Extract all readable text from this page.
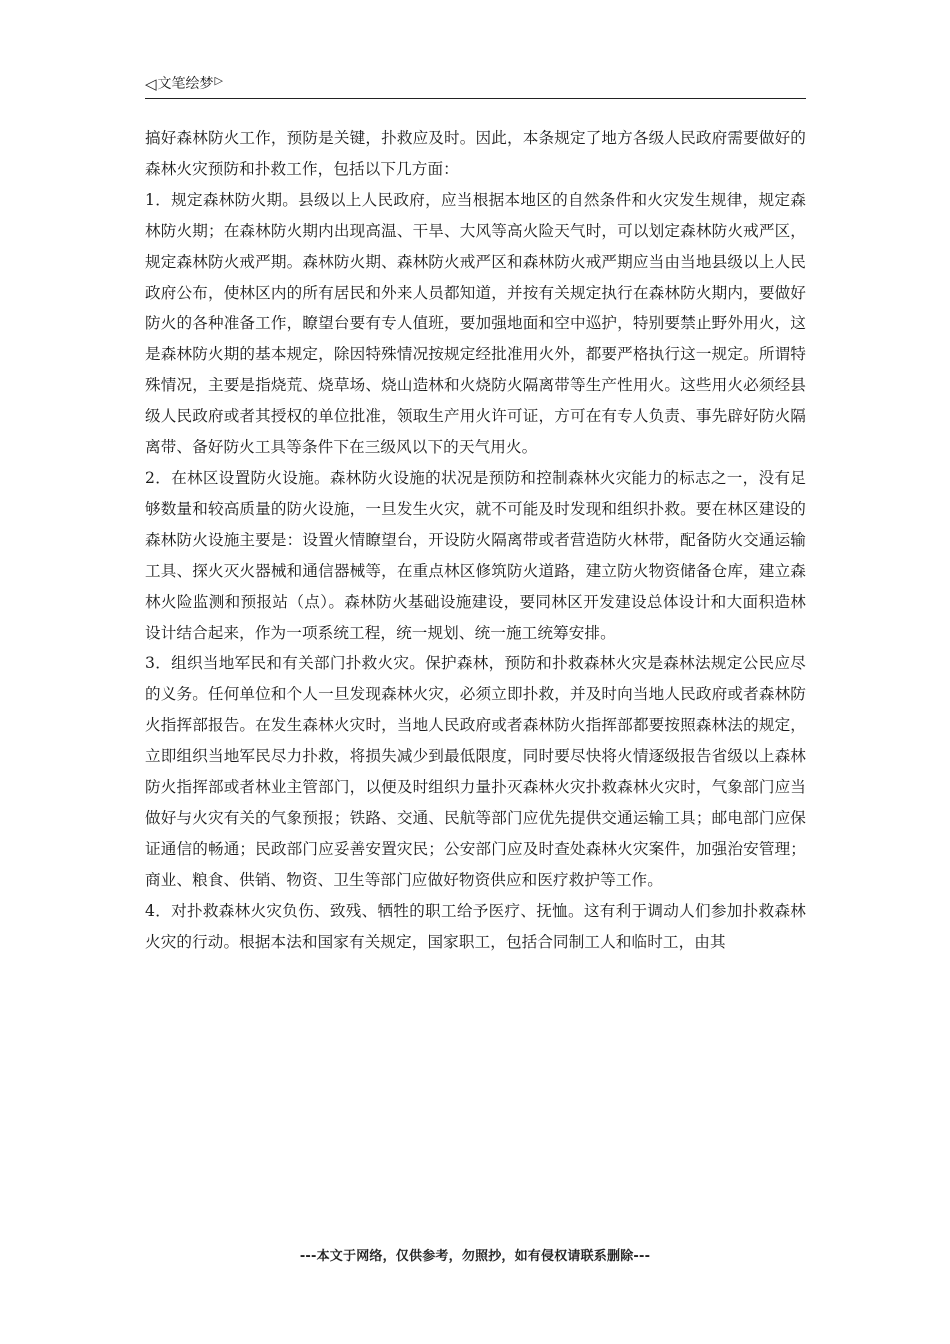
◁ 文笔绘梦 ▷

搞好森林防火工作，预防是关键，扑救应及时。因此，本条规定了地方各级人民政府需要做好的森林火灾预防和扑救工作，包括以下几方面：

1．规定森林防火期。县级以上人民政府，应当根据本地区的自然条件和火灾发生规律，规定森林防火期；在森林防火期内出现高温、干旱、大风等高火险天气时，可以划定森林防火戒严区，规定森林防火戒严期。森林防火期、森林防火戒严区和森林防火戒严期应当由当地县级以上人民政府公布，使林区内的所有居民和外来人员都知道，并按有关规定执行在森林防火期内，要做好防火的各种准备工作，瞭望台要有专人值班，要加强地面和空中巡护，特别要禁止野外用火，这是森林防火期的基本规定，除因特殊情况按规定经批准用火外，都要严格执行这一规定。所谓特殊情况，主要是指烧荒、烧草场、烧山造林和火烧防火隔离带等生产性用火。这些用火必须经县级人民政府或者其授权的单位批准，领取生产用火许可证，方可在有专人负责、事先辟好防火隔离带、备好防火工具等条件下在三级风以下的天气用火。

2．在林区设置防火设施。森林防火设施的状况是预防和控制森林火灾能力的标志之一，没有足够数量和较高质量的防火设施，一旦发生火灾，就不可能及时发现和组织扑救。要在林区建设的森林防火设施主要是：设置火情瞭望台，开设防火隔离带或者营造防火林带，配备防火交通运输工具、探火灭火器械和通信器械等，在重点林区修筑防火道路，建立防火物资储备仓库，建立森林火险监测和预报站（点）。森林防火基础设施建设，要同林区开发建设总体设计和大面积造林设计结合起来，作为一项系统工程，统一规划、统一施工统筹安排。

3．组织当地军民和有关部门扑救火灾。保护森林，预防和扑救森林火灾是森林法规定公民应尽的义务。任何单位和个人一旦发现森林火灾，必须立即扑救，并及时向当地人民政府或者森林防火指挥部报告。在发生森林火灾时，当地人民政府或者森林防火指挥部都要按照森林法的规定，立即组织当地军民尽力扑救，将损失减少到最低限度，同时要尽快将火情逐级报告省级以上森林防火指挥部或者林业主管部门，以便及时组织力量扑灭森林火灾扑救森林火灾时，气象部门应当做好与火灾有关的气象预报；铁路、交通、民航等部门应优先提供交通运输工具；邮电部门应保证通信的畅通；民政部门应妥善安置灾民；公安部门应及时查处森林火灾案件，加强治安管理；商业、粮食、供销、物资、卫生等部门应做好物资供应和医疗救护等工作。

4．对扑救森林火灾负伤、致残、牺牲的职工给予医疗、抚恤。这有利于调动人们参加扑救森林火灾的行动。根据本法和国家有关规定，国家职工，包括合同制工人和临时工，由其

---本文于网络，仅供参考，勿照抄，如有侵权请联系删除---
